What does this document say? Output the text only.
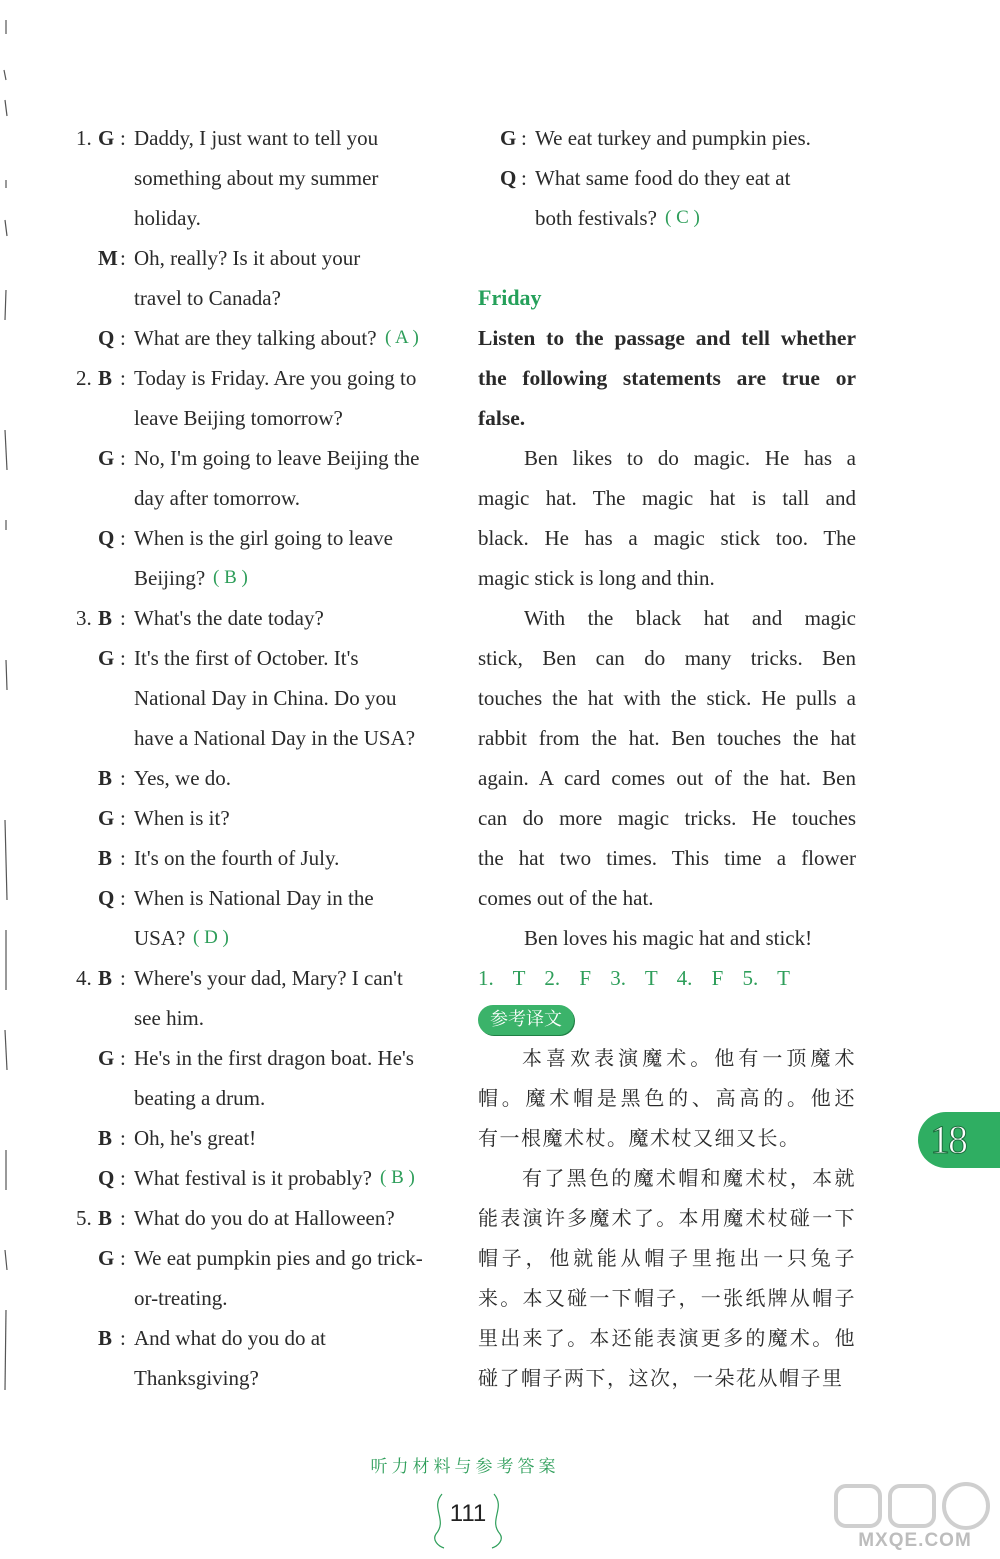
1. G : Daddy, I just want to tell you
something about my summer
holiday.
M : Oh, really? Is it about your
travel to Canada?
Q : What are they talking about? ( A )
2. B : Today is Friday. Are you going to
leave Beijing tomorrow?
G : No, I'm going to leave Beijing the
day after tomorrow.
Q : When is the girl going to leave
Beijing? ( B )
3. B : What's the date today?
G : It's the first of October. It's
National Day in China. Do you
have a National Day in the USA?
B : Yes, we do.
G : When is it?
B : It's on the fourth of July.
Q : When is National Day in the
USA? ( D )
4. B : Where's your dad, Mary? I can't
see him.
G : He's in the first dragon boat. He's
beating a drum.
B : Oh, he's great!
Q : What festival is it probably? ( B )
5. B : What do you do at Halloween?
G : We eat pumpkin pies and go trick-
or-treating.
B : And what do you do at
Thanksgiving?
G : We eat turkey and pumpkin pies.
Q : What same food do they eat at
both festivals? ( C )
Friday
Listen to the passage and tell whether
the following statements are true or
false.
Ben likes to do magic. He has a
magic hat. The magic hat is tall and
black. He has a magic stick too. The
magic stick is long and thin.
With the black hat and magic
stick, Ben can do many tricks. Ben
touches the hat with the stick. He pulls a
rabbit from the hat. Ben touches the hat
again. A card comes out of the hat. Ben
can do more magic tricks. He touches
the hat two times. This time a flower
comes out of the hat.
Ben loves his magic hat and stick!
1. T 2. F 3. T 4. F 5. T
参考译文
本喜欢表演魔术。他有一顶魔术
帽。魔术帽是黑色的、高高的。他还
有一根魔术杖。魔术杖又细又长。
有了黑色的魔术帽和魔术杖，本就
能表演许多魔术了。本用魔术杖碰一下
帽子，他就能从帽子里拖出一只兔子
来。本又碰一下帽子，一张纸牌从帽子
里出来了。本还能表演更多的魔术。他
碰了帽子两下，这次，一朵花从帽子里
18
听力材料与参考答案
111
MXQE.COM
